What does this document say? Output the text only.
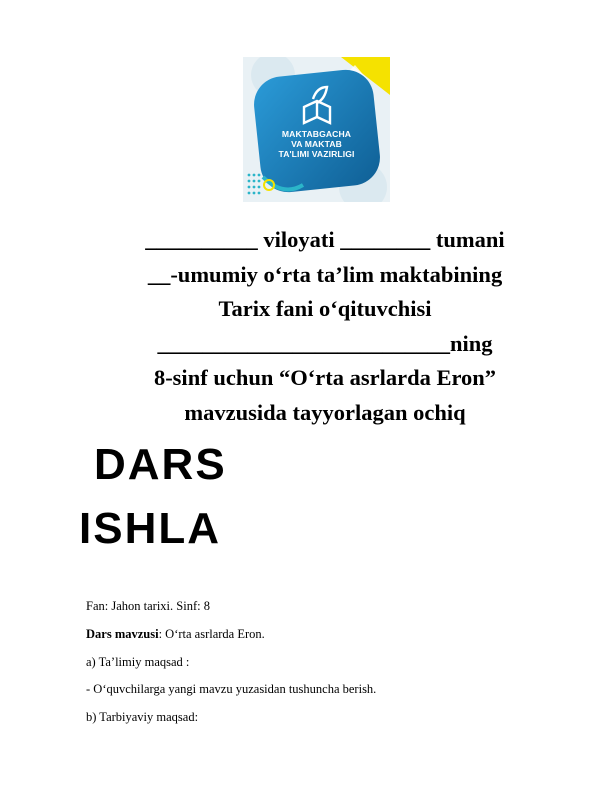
MAKTABGACHA
VA MAKTAB
TA'LIMI VAZIRLIGI
__________ viloyati ________ tumani
__-umumiy o‘rta ta’lim maktabining
Tarix fani o‘qituvchisi
__________________________ning
8-sinf uchun “O‘rta asrlarda Eron”
mavzusida tayyorlagan ochiq
DARS
ISHLA
Fan: Jahon tarixi. Sinf: 8
Dars mavzusi: O‘rta asrlarda Eron.
a) Ta’limiy maqsad :
- O‘quvchilarga yangi mavzu yuzasidan tushuncha berish.
b) Tarbiyaviy maqsad:
